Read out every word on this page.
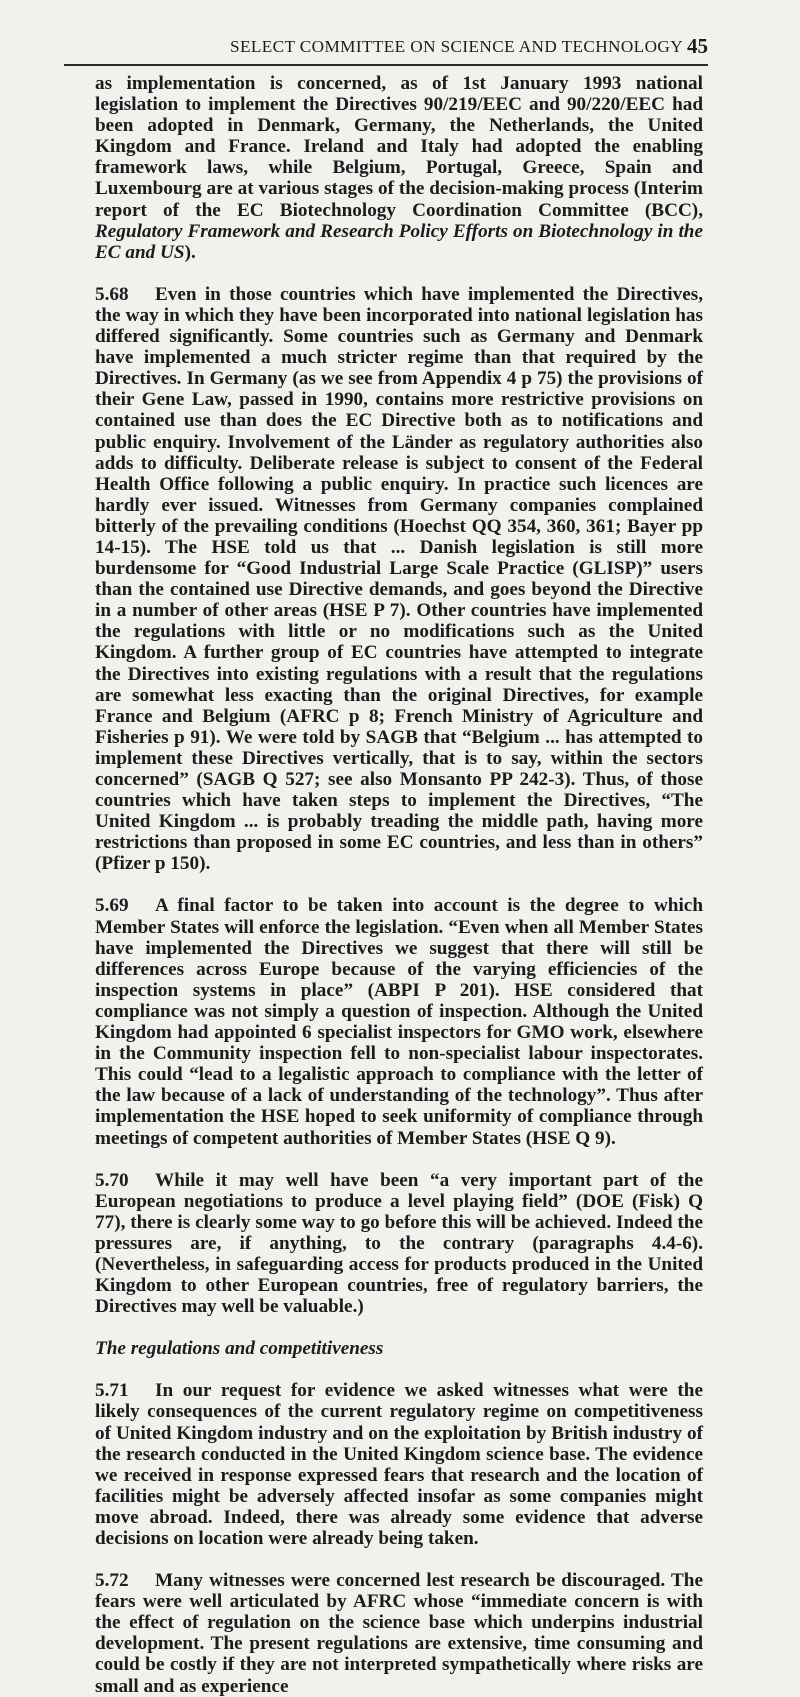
SELECT COMMITTEE ON SCIENCE AND TECHNOLOGY 45

as implementation is concerned, as of 1st January 1993 national legislation to implement the Directives 90/219/EEC and 90/220/EEC had been adopted in Denmark, Germany, the Netherlands, the United Kingdom and France. Ireland and Italy had adopted the enabling framework laws, while Belgium, Portugal, Greece, Spain and Luxembourg are at various stages of the decision-making process (Interim report of the EC Biotechnology Coordination Committee (BCC), Regulatory Framework and Research Policy Efforts on Biotechnology in the EC and US).

5.68 Even in those countries which have implemented the Directives, the way in which they have been incorporated into national legislation has differed significantly. Some countries such as Germany and Denmark have implemented a much stricter regime than that required by the Directives. In Germany (as we see from Appendix 4 p 75) the provisions of their Gene Law, passed in 1990, contains more restrictive provisions on contained use than does the EC Directive both as to notifications and public enquiry. Involvement of the Länder as regulatory authorities also adds to difficulty. Deliberate release is subject to consent of the Federal Health Office following a public enquiry. In practice such licences are hardly ever issued. Witnesses from Germany companies complained bitterly of the prevailing conditions (Hoechst QQ 354, 360, 361; Bayer pp 14-15). The HSE told us that ... Danish legislation is still more burdensome for “Good Industrial Large Scale Practice (GLISP)” users than the contained use Directive demands, and goes beyond the Directive in a number of other areas (HSE P 7). Other countries have implemented the regulations with little or no modifications such as the United Kingdom. A further group of EC countries have attempted to integrate the Directives into existing regulations with a result that the regulations are somewhat less exacting than the original Directives, for example France and Belgium (AFRC p 8; French Ministry of Agriculture and Fisheries p 91). We were told by SAGB that “Belgium ... has attempted to implement these Directives vertically, that is to say, within the sectors concerned” (SAGB Q 527; see also Monsanto PP 242-3). Thus, of those countries which have taken steps to implement the Directives, “The United Kingdom ... is probably treading the middle path, having more restrictions than proposed in some EC countries, and less than in others” (Pfizer p 150).

5.69 A final factor to be taken into account is the degree to which Member States will enforce the legislation. “Even when all Member States have implemented the Directives we suggest that there will still be differences across Europe because of the varying efficiencies of the inspection systems in place” (ABPI P 201). HSE considered that compliance was not simply a question of inspection. Although the United Kingdom had appointed 6 specialist inspectors for GMO work, elsewhere in the Community inspection fell to non-specialist labour inspectorates. This could “lead to a legalistic approach to compliance with the letter of the law because of a lack of understanding of the technology”. Thus after implementation the HSE hoped to seek uniformity of compliance through meetings of competent authorities of Member States (HSE Q 9).

5.70 While it may well have been “a very important part of the European negotiations to produce a level playing field” (DOE (Fisk) Q 77), there is clearly some way to go before this will be achieved. Indeed the pressures are, if anything, to the contrary (paragraphs 4.4-6). (Nevertheless, in safeguarding access for products produced in the United Kingdom to other European countries, free of regulatory barriers, the Directives may well be valuable.)

The regulations and competitiveness

5.71 In our request for evidence we asked witnesses what were the likely consequences of the current regulatory regime on competitiveness of United Kingdom industry and on the exploitation by British industry of the research conducted in the United Kingdom science base. The evidence we received in response expressed fears that research and the location of facilities might be adversely affected insofar as some companies might move abroad. Indeed, there was already some evidence that adverse decisions on location were already being taken.

5.72 Many witnesses were concerned lest research be discouraged. The fears were well articulated by AFRC whose “immediate concern is with the effect of regulation on the science base which underpins industrial development. The present regulations are extensive, time consuming and could be costly if they are not interpreted sympathetically where risks are small and as experience
